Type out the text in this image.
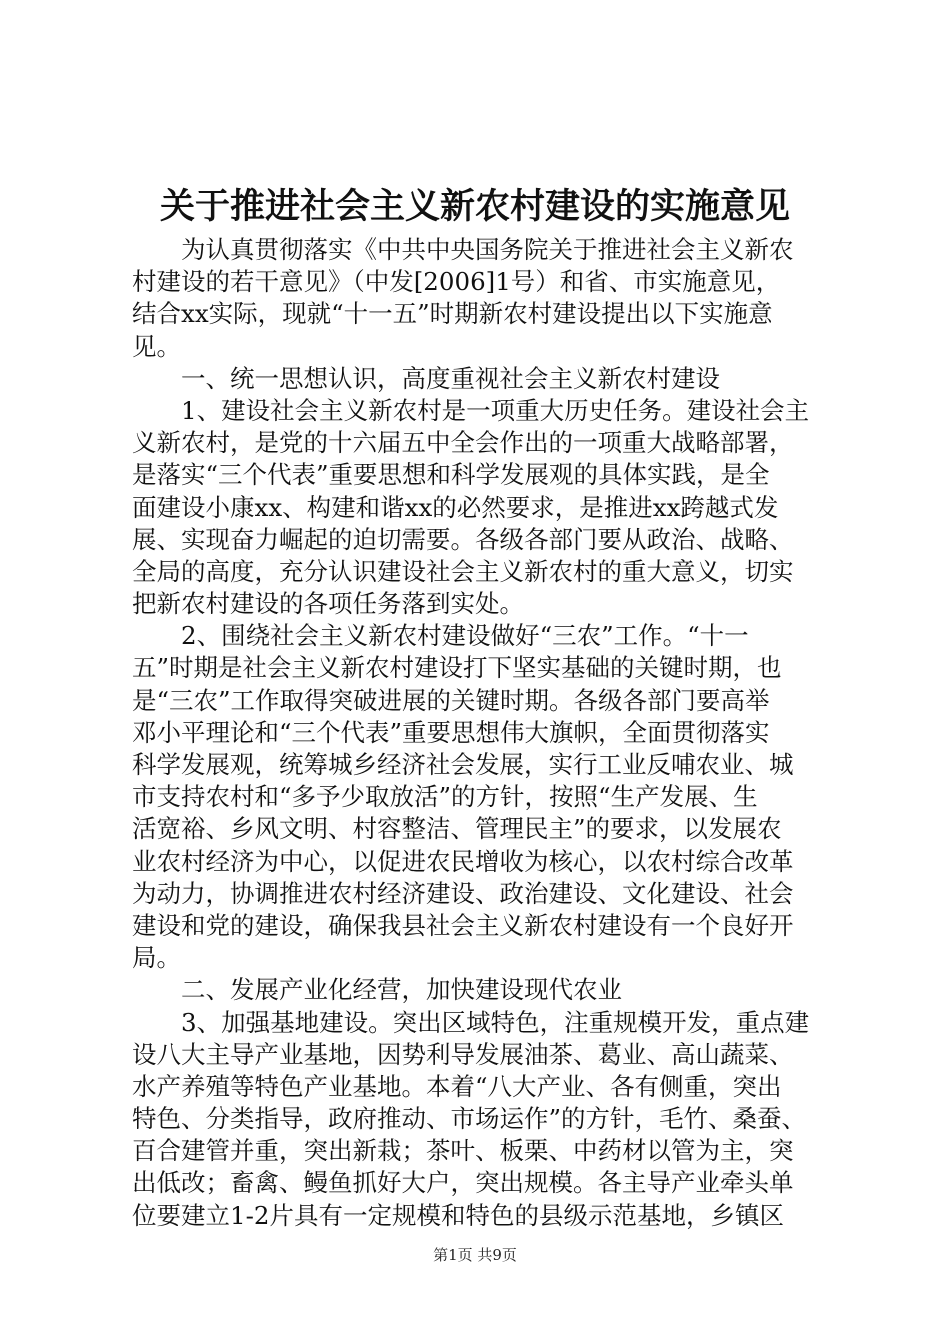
关于推进社会主义新农村建设的实施意见
　　为认真贯彻落实《中共中央国务院关于推进社会主义新农
村建设的若干意见》（中发[2006]1号）和省、市实施意见，
结合xx实际，现就“十一五”时期新农村建设提出以下实施意
见。
　　一、统一思想认识，高度重视社会主义新农村建设
　　1、建设社会主义新农村是一项重大历史任务。建设社会主
义新农村，是党的十六届五中全会作出的一项重大战略部署，
是落实“三个代表”重要思想和科学发展观的具体实践，是全
面建设小康xx、构建和谐xx的必然要求，是推进xx跨越式发
展、实现奋力崛起的迫切需要。各级各部门要从政治、战略、
全局的高度，充分认识建设社会主义新农村的重大意义，切实
把新农村建设的各项任务落到实处。
　　2、围绕社会主义新农村建设做好“三农”工作。“十一
五”时期是社会主义新农村建设打下坚实基础的关键时期，也
是“三农”工作取得突破进展的关键时期。各级各部门要高举
邓小平理论和“三个代表”重要思想伟大旗帜，全面贯彻落实
科学发展观，统筹城乡经济社会发展，实行工业反哺农业、城
市支持农村和“多予少取放活”的方针，按照“生产发展、生
活宽裕、乡风文明、村容整洁、管理民主”的要求，以发展农
业农村经济为中心，以促进农民增收为核心，以农村综合改革
为动力，协调推进农村经济建设、政治建设、文化建设、社会
建设和党的建设，确保我县社会主义新农村建设有一个良好开
局。
　　二、发展产业化经营，加快建设现代农业
　　3、加强基地建设。突出区域特色，注重规模开发，重点建
设八大主导产业基地，因势利导发展油茶、葛业、高山蔬菜、
水产养殖等特色产业基地。本着“八大产业、各有侧重，突出
特色、分类指导，政府推动、市场运作”的方针，毛竹、桑蚕、
百合建管并重，突出新栽；茶叶、板栗、中药材以管为主，突
出低改；畜禽、鳗鱼抓好大户，突出规模。各主导产业牵头单
位要建立1-2片具有一定规模和特色的县级示范基地，乡镇区
第1页 共9页
